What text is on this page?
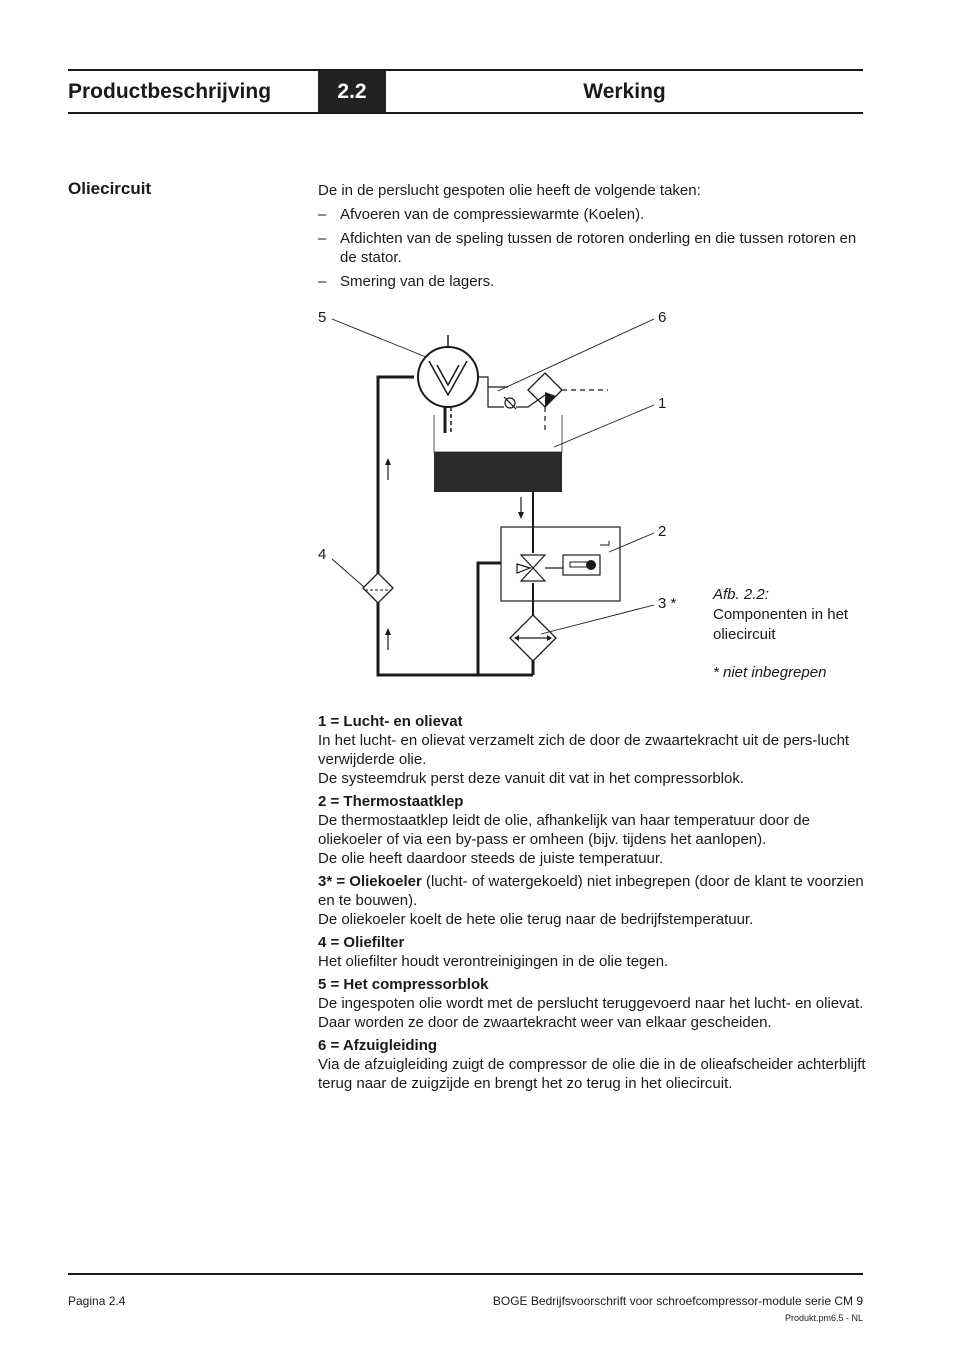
Productbeschrijving	2.2	Werking
Oliecircuit	De in de perslucht gespoten olie heeft de volgende taken:

– Afvoeren van de compressiewarmte (Koelen).
– Afdichten van de speling tussen de rotoren onderling en die tussen rotoren en de stator.
– Smering van de lagers.
5	6
1
2
4
3 *
Afb. 2.2:
Componenten in het oliecircuit
* niet inbegrepen
1 = Lucht- en olievat
In het lucht- en olievat verzamelt zich de door de zwaartekracht uit de pers-lucht verwijderde olie.
De systeemdruk perst deze vanuit dit vat in het compressorblok.
2 = Thermostaatklep
De thermostaatklep leidt de olie, afhankelijk van haar temperatuur door de oliekoeler of via een by-pass er omheen (bijv. tijdens het aanlopen).
De olie heeft daardoor steeds de juiste temperatuur.
3* = Oliekoeler (lucht- of watergekoeld) niet inbegrepen (door de klant te voorzien en te bouwen).
De oliekoeler koelt de hete olie terug naar de bedrijfstemperatuur.
4 = Oliefilter
Het oliefilter houdt verontreinigingen in de olie tegen.
5 = Het compressorblok
De ingespoten olie wordt met de perslucht teruggevoerd naar het lucht- en olievat. Daar worden ze door de zwaartekracht weer van elkaar gescheiden.
6 = Afzuigleiding
Via de afzuigleiding zuigt de compressor de olie die in de olieafscheider achterblijft terug naar de zuigzijde en brengt het zo terug in het oliecircuit.
Pagina 2.4	BOGE Bedrijfsvoorschrift voor schroefcompressor-module serie CM 9
Produkt.pm6.5 - NL
